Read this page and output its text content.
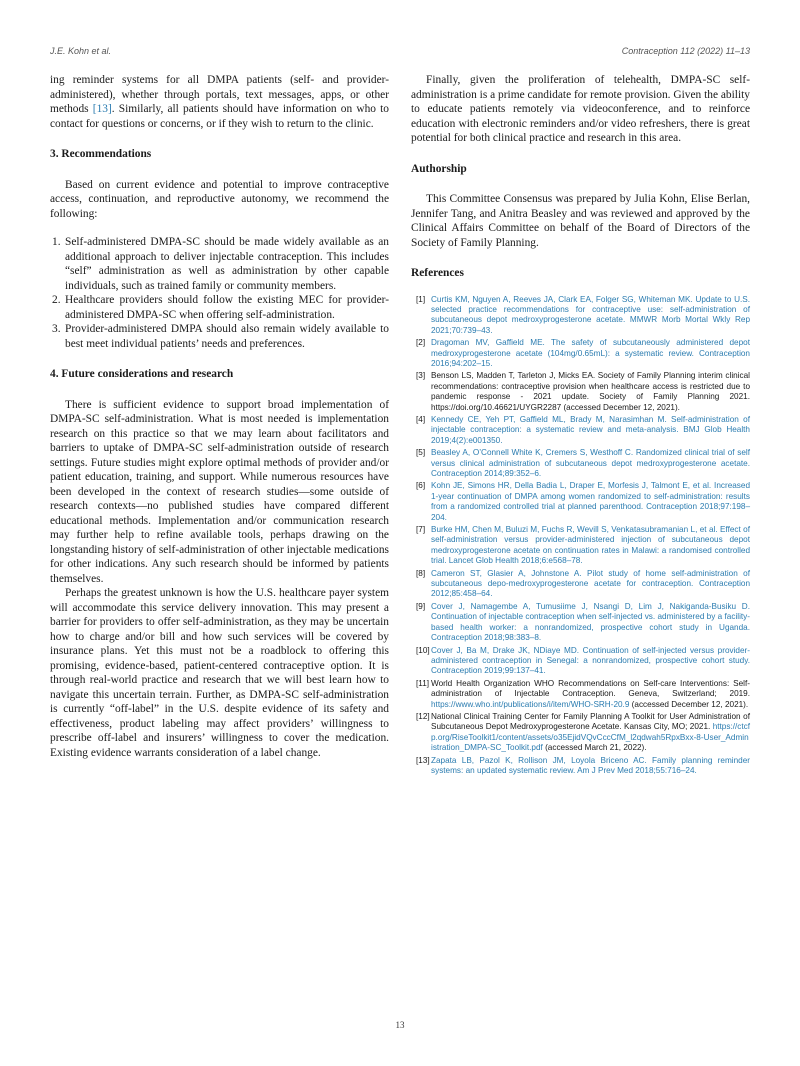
J.E. Kohn et al.	Contraception 112 (2022) 11–13

ing reminder systems for all DMPA patients (self- and provider-administered), whether through portals, text messages, apps, or other methods [13]. Similarly, all patients should have information on who to contact for questions or concerns, or if they wish to return to the clinic.

3. Recommendations

Based on current evidence and potential to improve contraceptive access, continuation, and reproductive autonomy, we recommend the following:

1. Self-administered DMPA-SC should be made widely available as an additional approach to deliver injectable contraception. This includes “self” administration as well as administration by other capable individuals, such as trained family or community members.
2. Healthcare providers should follow the existing MEC for provider-administered DMPA-SC when offering self-administration.
3. Provider-administered DMPA should also remain widely available to best meet individual patients’ needs and preferences.
4. Future considerations and research

There is sufficient evidence to support broad implementation of DMPA-SC self-administration. What is most needed is implementation research on this practice so that we may learn about facilitators and barriers to uptake of DMPA-SC self-administration outside of research settings. Future studies might explore optimal methods of provider and/or patient education, training, and support. While numerous resources have been developed in the context of research studies—some outside of research contexts—no published studies have compared different educational methods. Implementation and/or communication research may further help to refine available tools, perhaps drawing on the longstanding history of self-administration of other injectable medications for other indications. Any such research should be informed by patients themselves.

Perhaps the greatest unknown is how the U.S. healthcare payer system will accommodate this service delivery innovation. This may present a barrier for providers to offer self-administration, as they may be uncertain how to charge and/or bill and how such services will be covered by insurance plans. Yet this must not be a roadblock to offering this promising, evidence-based, patient-centered contraceptive option. It is through real-world practice and research that we will best learn how to navigate this uncertain terrain. Further, as DMPA-SC self-administration is currently “off-label” in the U.S. despite evidence of its safety and effectiveness, product labeling may affect providers’ willingness to prescribe off-label and insurers’ willingness to cover the medication. Existing evidence warrants consideration of a label change.

Finally, given the proliferation of telehealth, DMPA-SC self-administration is a prime candidate for remote provision. Given the ability to educate patients remotely via videoconference, and to reinforce education with electronic reminders and/or video refreshers, there is great potential for both clinical practice and research in this area.

Authorship

This Committee Consensus was prepared by Julia Kohn, Elise Berlan, Jennifer Tang, and Anitra Beasley and was reviewed and approved by the Clinical Affairs Committee on behalf of the Board of Directors of the Society of Family Planning.

References
[1] Curtis KM, Nguyen A, Reeves JA, Clark EA, Folger SG, Whiteman MK. Update to U.S. selected practice recommendations for contraceptive use: self-administration of subcutaneous depot medroxyprogesterone acetate. MMWR Morb Mortal Wkly Rep 2021;70:739–43.
[2] Dragoman MV, Gaffield ME. The safety of subcutaneously administered depot medroxyprogesterone acetate (104mg/0.65mL): a systematic review. Contraception 2016;94:202–15.
[3] Benson LS, Madden T, Tarleton J, Micks EA. Society of Family Planning interim clinical recommendations: contraceptive provision when healthcare access is restricted due to pandemic response - 2021 update. Society of Family Planning 2021. https://doi.org/10.46621/UYGR2287 (accessed December 12, 2021).
[4] Kennedy CE, Yeh PT, Gaffield ML, Brady M, Narasimhan M. Self-administration of injectable contraception: a systematic review and meta-analysis. BMJ Glob Health 2019;4(2):e001350.
[5] Beasley A, O’Connell White K, Cremers S, Westhoff C. Randomized clinical trial of self versus clinical administration of subcutaneous depot medroxyprogesterone acetate. Contraception 2014;89:352–6.
[6] Kohn JE, Simons HR, Della Badia L, Draper E, Morfesis J, Talmont E, et al. Increased 1-year continuation of DMPA among women randomized to self-administration: results from a randomized controlled trial at planned parenthood. Contraception 2018;97:198–204.
[7] Burke HM, Chen M, Buluzi M, Fuchs R, Wevill S, Venkatasubramanian L, et al. Effect of self-administration versus provider-administered injection of subcutaneous depot medroxyprogesterone acetate on continuation rates in Malawi: a randomised controlled trial. Lancet Glob Health 2018;6:e568–78.
[8] Cameron ST, Glasier A, Johnstone A. Pilot study of home self-administration of subcutaneous depo-medroxyprogesterone acetate for contraception. Contraception 2012;85:458–64.
[9] Cover J, Namagembe A, Tumusiime J, Nsangi D, Lim J, Nakiganda-Busiku D. Continuation of injectable contraception when self-injected vs. administered by a facility-based health worker: a nonrandomized, prospective cohort study in Uganda. Contraception 2018;98:383–8.
[10] Cover J, Ba M, Drake JK, NDiaye MD. Continuation of self-injected versus provider-administered contraception in Senegal: a nonrandomized, prospective cohort study. Contraception 2019;99:137–41.
[11] World Health Organization WHO Recommendations on Self-care Interventions: Self-administration of Injectable Contraception. Geneva, Switzerland; 2019. https://www.who.int/publications/i/item/WHO-SRH-20.9 (accessed December 12, 2021).
[12] National Clinical Training Center for Family Planning A Toolkit for User Administration of Subcutaneous Depot Medroxyprogesterone Acetate. Kansas City, MO; 2021. https://ctcfp.org/RiseToolkit1/content/assets/o35EjidVQvCccCfM_l2qdwah5RpxBxx-8-User_Administration_DMPA-SC_Toolkit.pdf (accessed March 21, 2022).
[13] Zapata LB, Pazol K, Rollison JM, Loyola Briceno AC. Family planning reminder systems: an updated systematic review. Am J Prev Med 2018;55:716–24.
13
